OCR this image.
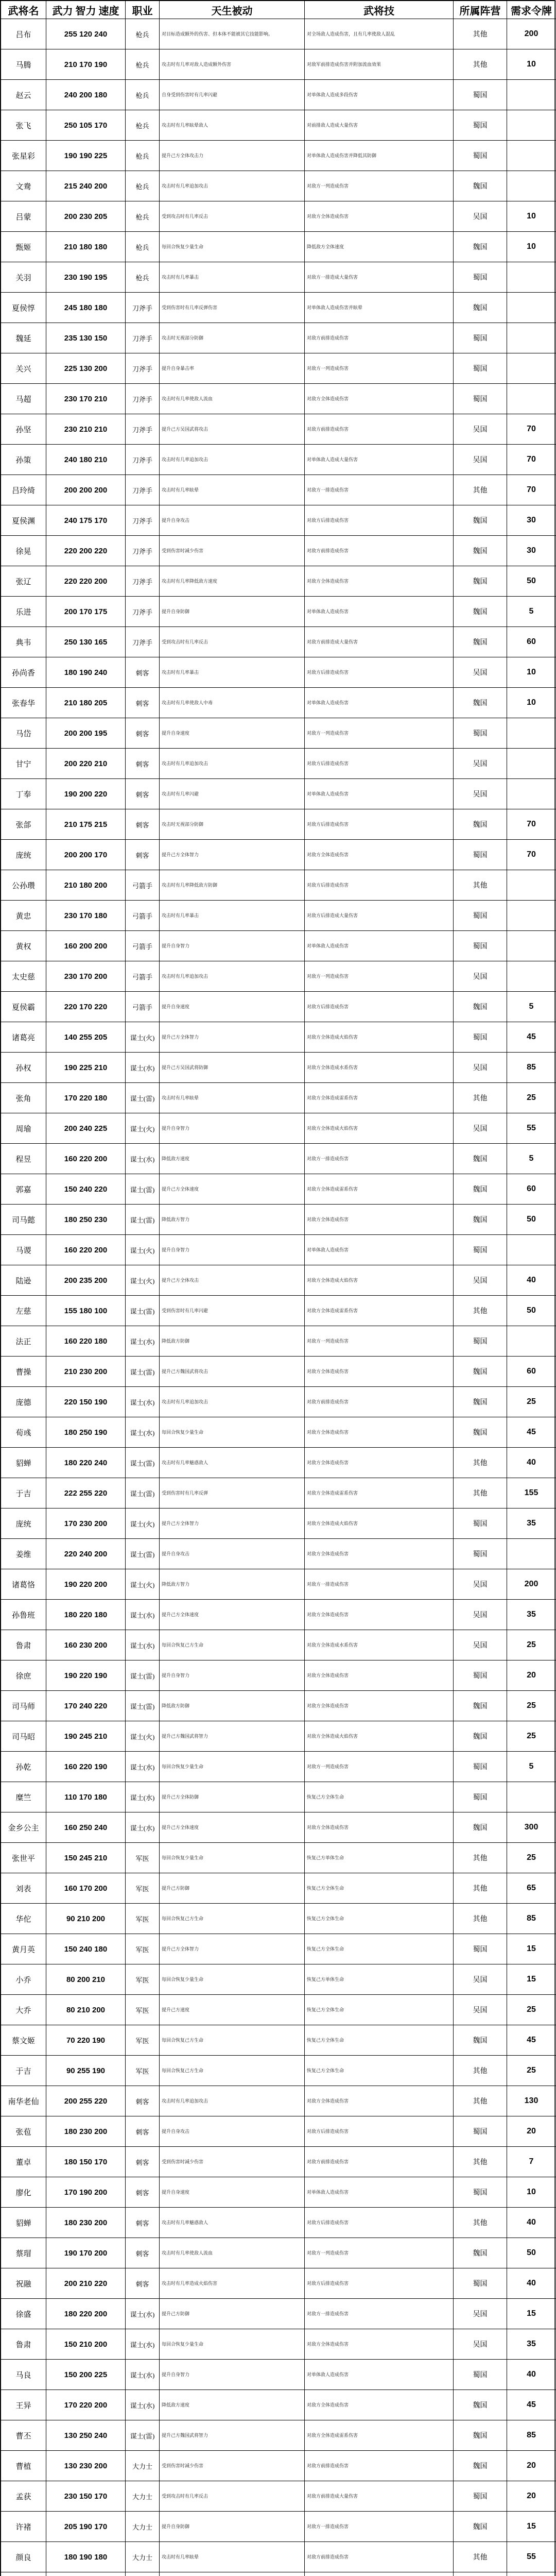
武将名	武力 智力 速度	职业	天生被动	武将技	所属阵营	需求令牌

吕布	255 120 240	枪兵	对目标造成额外的伤害、但本体不能被其它技能影响。	对全场敌人造成伤害，且有几率使敌人混乱	其他	200

马腾	210 170 190	枪兵	攻击时有几率对敌人造成额外伤害	对敌军前排造成伤害并附加流血效果	其他	10

赵云	240 200 180	枪兵	自身受到伤害时有几率闪避	对单体敌人造成多段伤害	蜀国	

张飞	250 105 170	枪兵	攻击时有几率眩晕敌人	对前排敌人造成大量伤害	蜀国	

张星彩	190 190 225	枪兵	提升己方全体攻击力	对单体敌人造成伤害并降低其防御	蜀国	

文鸯	215 240 200	枪兵	攻击时有几率追加攻击	对敌方一列造成伤害	魏国	

吕蒙	200 230 205	枪兵	受到攻击时有几率反击	对敌方全体造成伤害	吴国	10

甄姬	210 180 180	枪兵	每回合恢复少量生命	降低敌方全体速度	魏国	10

关羽	230 190 195	枪兵	攻击时有几率暴击	对敌方一排造成大量伤害	蜀国	

夏侯惇	245 180 180	刀斧手	受到伤害时有几率反弹伤害	对单体敌人造成伤害并眩晕	魏国	

魏延	235 130 150	刀斧手	攻击时无视部分防御	对敌方前排造成伤害	蜀国	

关兴	225 130 200	刀斧手	提升自身暴击率	对敌方一列造成伤害	蜀国	

马超	230 170 210	刀斧手	攻击时有几率使敌人流血	对敌方全体造成伤害	蜀国	

孙坚	230 210 210	刀斧手	提升己方吴国武将攻击	对敌方前排造成伤害	吴国	70

孙策	240 180 210	刀斧手	攻击时有几率追加攻击	对单体敌人造成大量伤害	吴国	70

吕玲绮	200 200 200	刀斧手	攻击时有几率眩晕	对敌方一排造成伤害	其他	70

夏侯渊	240 175 170	刀斧手	提升自身攻击	对敌方后排造成伤害	魏国	30

徐晃	220 200 220	刀斧手	受到伤害时减少伤害	对敌方前排造成伤害	魏国	30

张辽	220 220 200	刀斧手	攻击时有几率降低敌方速度	对敌方全体造成伤害	魏国	50

乐进	200 170 175	刀斧手	提升自身防御	对单体敌人造成伤害	魏国	5

典韦	250 130 165	刀斧手	受到攻击时有几率反击	对敌方前排造成大量伤害	魏国	60

孙尚香	180 190 240	刺客	攻击时有几率暴击	对敌方后排造成伤害	吴国	10

张春华	210 180 205	刺客	攻击时有几率使敌人中毒	对单体敌人造成伤害	魏国	10

马岱	200 200 195	刺客	提升自身速度	对敌方一列造成伤害	蜀国	

甘宁	200 220 210	刺客	攻击时有几率追加攻击	对敌方后排造成伤害	吴国	

丁奉	190 200 220	刺客	攻击时有几率闪避	对单体敌人造成伤害	吴国	

张郃	210 175 215	刺客	攻击时无视部分防御	对敌方后排造成伤害	魏国	70

庞统	200 200 170	刺客	提升己方全体智力	对敌方全体造成伤害	蜀国	70

公孙瓒	210 180 200	弓箭手	攻击时有几率降低敌方防御	对敌方后排造成伤害	其他	

黄忠	230 170 180	弓箭手	攻击时有几率暴击	对敌方后排造成大量伤害	蜀国	

黄权	160 200 200	弓箭手	提升自身智力	对单体敌人造成伤害	蜀国	

太史慈	230 170 200	弓箭手	攻击时有几率追加攻击	对敌方一列造成伤害	吴国	

夏侯霸	220 170 220	弓箭手	提升自身速度	对敌方后排造成伤害	魏国	5

诸葛亮	140 255 205	谋士(火)	提升己方全体智力	对敌方全体造成火焰伤害	蜀国	45

孙权	190 225 210	谋士(水)	提升己方吴国武将防御	对敌方全体造成水系伤害	吴国	85

张角	170 220 180	谋士(雷)	攻击时有几率眩晕	对敌方全体造成雷系伤害	其他	25

周瑜	200 240 225	谋士(火)	提升自身智力	对敌方全体造成火焰伤害	吴国	55

程昱	160 220 200	谋士(水)	降低敌方速度	对敌方一排造成伤害	魏国	5

郭嘉	150 240 220	谋士(雷)	提升己方全体速度	对敌方全体造成雷系伤害	魏国	60

司马懿	180 250 230	谋士(雷)	降低敌方智力	对敌方全体造成伤害	魏国	50

马谡	160 220 200	谋士(火)	提升自身智力	对单体敌人造成伤害	蜀国	

陆逊	200 235 200	谋士(火)	提升己方全体攻击	对敌方全体造成火焰伤害	吴国	40

左慈	155 180 100	谋士(雷)	受到伤害时有几率闪避	对敌方全体造成雷系伤害	其他	50

法正	160 220 180	谋士(水)	降低敌方防御	对敌方一列造成伤害	蜀国	

曹操	210 230 200	谋士(雷)	提升己方魏国武将攻击	对敌方全体造成伤害	魏国	60

庞德	220 150 190	谋士(水)	攻击时有几率追加攻击	对敌方前排造成伤害	魏国	25

荀彧	180 250 190	谋士(水)	每回合恢复少量生命	对敌方全体造成伤害	魏国	45

貂蝉	180 220 240	谋士(雷)	攻击时有几率魅惑敌人	对敌方全体造成伤害	其他	40

于吉	222 255 220	谋士(雷)	受到伤害时有几率反弹	对敌方全体造成雷系伤害	其他	155

庞统	170 230 200	谋士(火)	提升己方全体智力	对敌方全体造成火焰伤害	蜀国	35

姜维	220 240 200	谋士(雷)	提升自身攻击	对敌方全体造成伤害	蜀国	

诸葛恪	190 220 200	谋士(火)	降低敌方智力	对敌方一排造成伤害	吴国	200

孙鲁班	180 220 180	谋士(水)	提升己方全体速度	对敌方全体造成伤害	吴国	35

鲁肃	160 230 200	谋士(水)	每回合恢复己方生命	对敌方全体造成水系伤害	吴国	25

徐庶	190 220 190	谋士(雷)	提升自身智力	对敌方全体造成伤害	蜀国	20

司马师	170 240 220	谋士(雷)	降低敌方防御	对敌方全体造成伤害	魏国	25

司马昭	190 245 210	谋士(火)	提升己方魏国武将智力	对敌方全体造成火焰伤害	魏国	25

孙乾	160 220 190	谋士(水)	每回合恢复少量生命	对敌方一列造成伤害	蜀国	5

糜竺	110 170 180	谋士(水)	提升己方全体防御	恢复己方全体生命	蜀国	

金乡公主	160 250 240	谋士(水)	提升己方全体速度	对敌方全体造成伤害	魏国	300

张世平	150 245 210	军医	每回合恢复少量生命	恢复己方单体生命	其他	25

刘表	160 170 200	军医	提升己方防御	恢复己方全体生命	其他	65

华佗	90 210 200	军医	每回合恢复己方生命	恢复己方全体生命	其他	85

黄月英	150 240 180	军医	提升己方全体智力	恢复己方全体生命	蜀国	15

小乔	80 200 210	军医	每回合恢复少量生命	恢复己方单体生命	吴国	15

大乔	80 210 200	军医	提升己方速度	恢复己方全体生命	吴国	25

蔡文姬	70 220 190	军医	每回合恢复己方生命	恢复己方全体生命	魏国	45

于吉	90 255 190	军医	每回合恢复己方生命	恢复己方全体生命	其他	25

南华老仙	200 255 220	刺客	攻击时有几率追加攻击	对敌方全体造成伤害	其他	130

张苞	180 230 200	刺客	提升自身攻击	对敌方后排造成伤害	蜀国	20

董卓	180 150 170	刺客	受到伤害时减少伤害	对敌方前排造成伤害	其他	7

廖化	170 190 200	刺客	提升自身速度	对单体敌人造成伤害	蜀国	10

貂蝉	180 230 200	刺客	攻击时有几率魅惑敌人	对敌方后排造成伤害	其他	40

蔡瑁	190 170 200	刺客	攻击时有几率使敌人流血	对敌方一列造成伤害	魏国	50

祝融	200 210 220	刺客	攻击时有几率造成火焰伤害	对敌方后排造成伤害	蜀国	40

徐盛	180 220 200	谋士(水)	提升己方防御	对敌方一排造成伤害	吴国	15

鲁肃	150 210 200	谋士(水)	每回合恢复少量生命	对敌方全体造成伤害	吴国	35

马良	150 200 225	谋士(水)	提升自身智力	对单体敌人造成伤害	蜀国	40

王异	170 220 200	谋士(水)	降低敌方速度	对敌方全体造成伤害	魏国	45

曹丕	130 250 240	谋士(雷)	提升己方魏国武将智力	对敌方全体造成雷系伤害	魏国	85

曹植	130 230 200	大力士	受到伤害时减少伤害	对敌方前排造成伤害	魏国	20

孟获	230 150 170	大力士	受到攻击时有几率反击	对敌方前排造成大量伤害	蜀国	20

许褚	205 190 170	大力士	提升自身防御	对敌方一排造成伤害	魏国	15

颜良	180 190 180	大力士	攻击时有几率眩晕	对敌方前排造成伤害	其他	55
